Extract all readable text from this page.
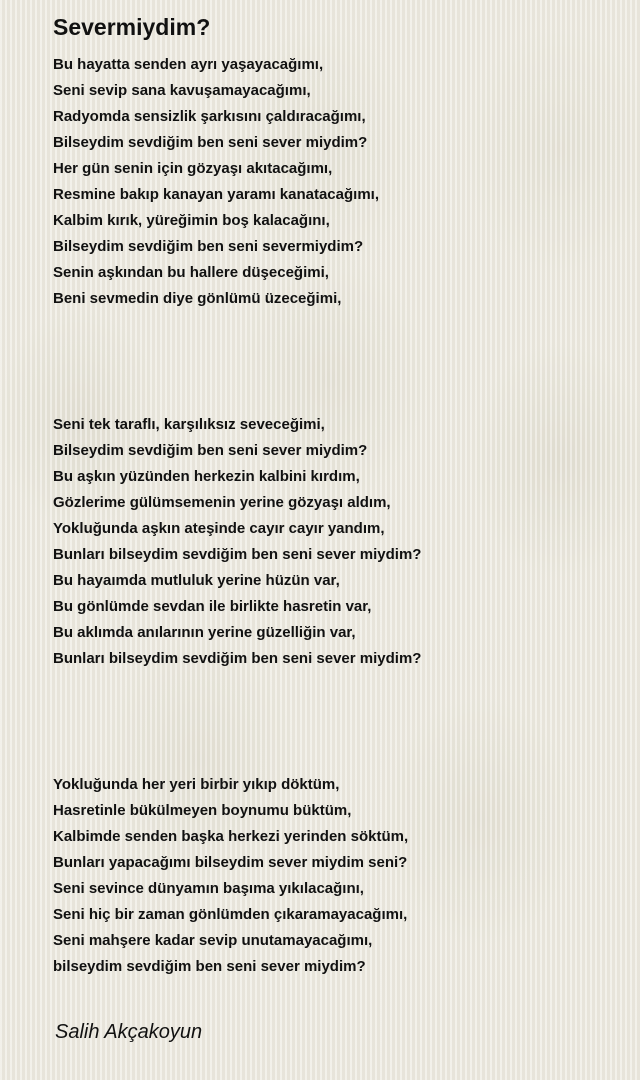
Severmiydim?
Bu hayatta senden ayrı yaşayacağımı,
Seni sevip sana kavuşamayacağımı,
Radyomda sensizlik şarkısını çaldıracağımı,
Bilseydim sevdiğim ben seni sever miydim?
Her gün senin için gözyaşı akıtacağımı,
Resmine bakıp kanayan yaramı kanatacağımı,
Kalbim kırık, yüreğimin boş kalacağını,
Bilseydim sevdiğim ben seni severmiydim?
Senin aşkından bu hallere düşeceğimi,
Beni sevmedin diye gönlümü üzeceğimi,
Seni tek taraflı, karşılıksız seveceğimi,
Bilseydim sevdiğim ben seni sever miydim?
Bu aşkın yüzünden herkezin kalbini kırdım,
Gözlerime gülümsemenin yerine gözyaşı aldım,
Yokluğunda aşkın ateşinde cayır cayır yandım,
Bunları bilseydim sevdiğim ben seni sever miydim?
Bu hayaımda mutluluk yerine hüzün var,
Bu gönlümde sevdan ile birlikte hasretin var,
Bu aklımda anılarının yerine güzelliğin var,
Bunları bilseydim sevdiğim ben seni sever miydim?
Yokluğunda her yeri birbir yıkıp döktüm,
Hasretinle bükülmeyen boynumu büktüm,
Kalbimde senden başka herkezi yerinden söktüm,
Bunları yapacağımı bilseydim sever miydim seni?
Seni sevince dünyamın başıma yıkılacağını,
Seni hiç bir zaman gönlümden çıkaramayacağımı,
Seni mahşere kadar sevip unutamayacağımı,
bilseydim sevdiğim ben seni sever miydim?

Salih Akçakoyun
